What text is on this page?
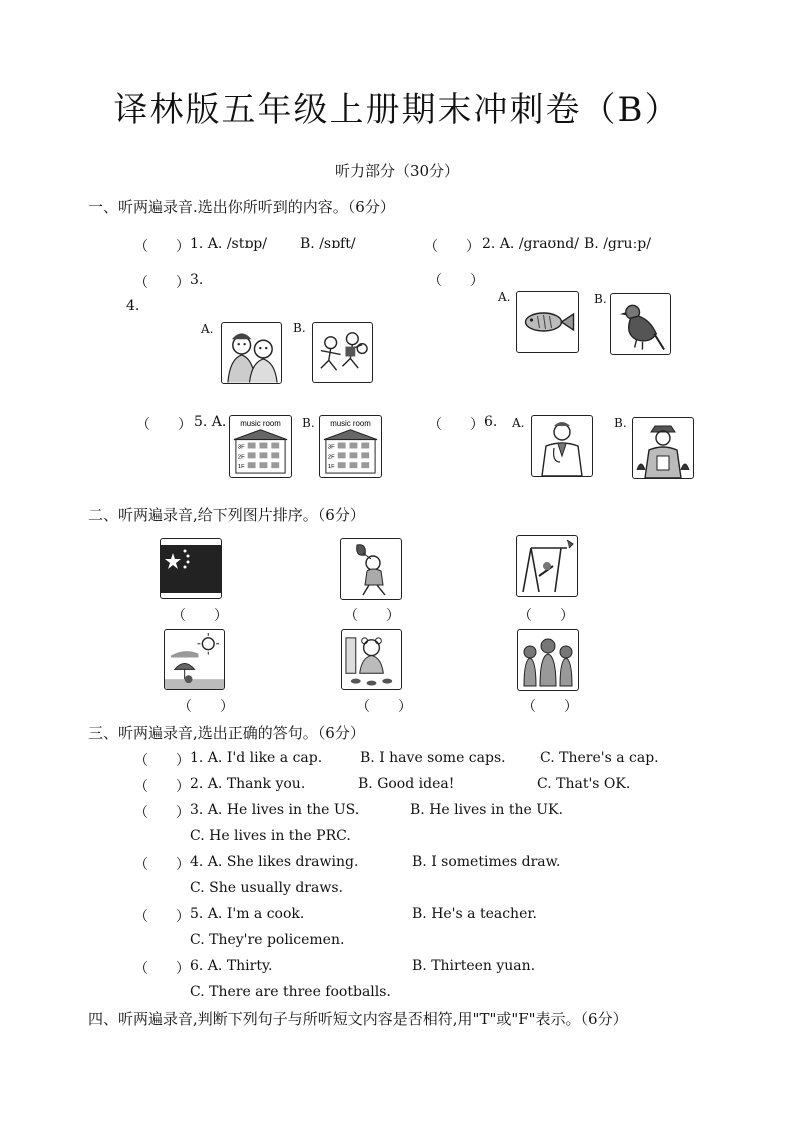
译林版五年级上册期末冲刺卷（B）
听力部分（30分）
一、听两遍录音.选出你所听到的内容。（6分）
（　　） 1. A. /stɒp/ B. /sɒft/	（　　） 2. A. /graʊnd/ B. /gruːp/
（　　） 3.	（　　）
4.
A.	B.
A.	B.
（　　） 5. A. music room
3F
2F
1F
B. music room
3F
2F
1F
（　　） 6. A.	B.
二、听两遍录音,给下列图片排序。（6分）
（　　）	（　　）	（　　）
（　　）	（　　）	（　　）
三、听两遍录音,选出正确的答句。（6分）
（　　） 1. A. I'd like a cap.	B. I have some caps. C. There's a cap.
（　　） 2. A. Thank you.	B. Good idea!	C. That's OK.
（　　） 3. A. He lives in the US.	B. He lives in the UK.
C. He lives in the PRC.
（　　） 4. A. She likes drawing.	B. I sometimes draw.
C. She usually draws.
（　　） 5. A. I'm a cook.	B. He's a teacher.
C. They're policemen.
（　　） 6. A. Thirty.	B. Thirteen yuan.
C. There are three footballs.
四、听两遍录音,判断下列句子与所听短文内容是否相符,用"T"或"F"表示。（6分）
